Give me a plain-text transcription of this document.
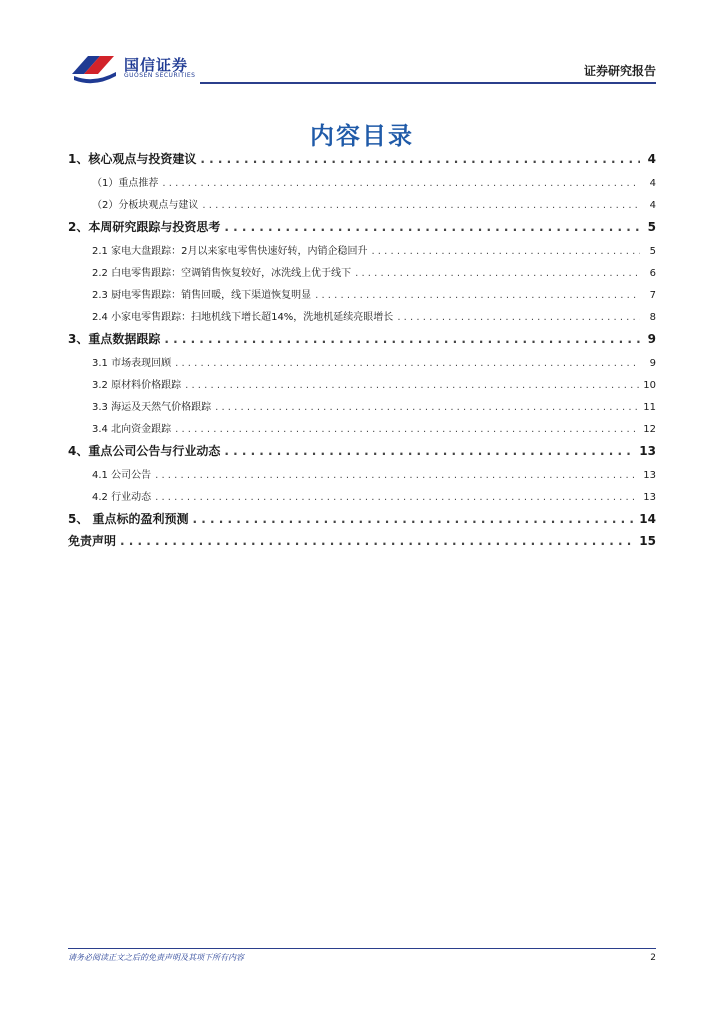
国信证券
GUOSEN SECURITIES	证券研究报告
内容目录
1、核心观点与投资建议 . . .	4
（1）重点推荐 . . .	4
（2）分板块观点与建议 . . .	4
2、本周研究跟踪与投资思考 . . .	5
2.1 家电大盘跟踪：2月以来家电零售快速好转，内销企稳回升 . . .	5
2.2 白电零售跟踪：空调销售恢复较好，冰洗线上优于线下 . . .	6
2.3 厨电零售跟踪：销售回暖，线下渠道恢复明显 . . .	7
2.4 小家电零售跟踪：扫地机线下增长超14%，洗地机延续亮眼增长 . . .	8
3、重点数据跟踪 . . .	9
3.1 市场表现回顾 . . .	9
3.2 原材料价格跟踪 . . .	10
3.3 海运及天然气价格跟踪 . . .	11
3.4 北向资金跟踪 . . .	12
4、重点公司公告与行业动态 . . .	13
4.1 公司公告 . . .	13
4.2 行业动态 . . .	13
5、 重点标的盈利预测 . . .	14
免责声明 . . .	15
请务必阅读正文之后的免责声明及其项下所有内容	2
